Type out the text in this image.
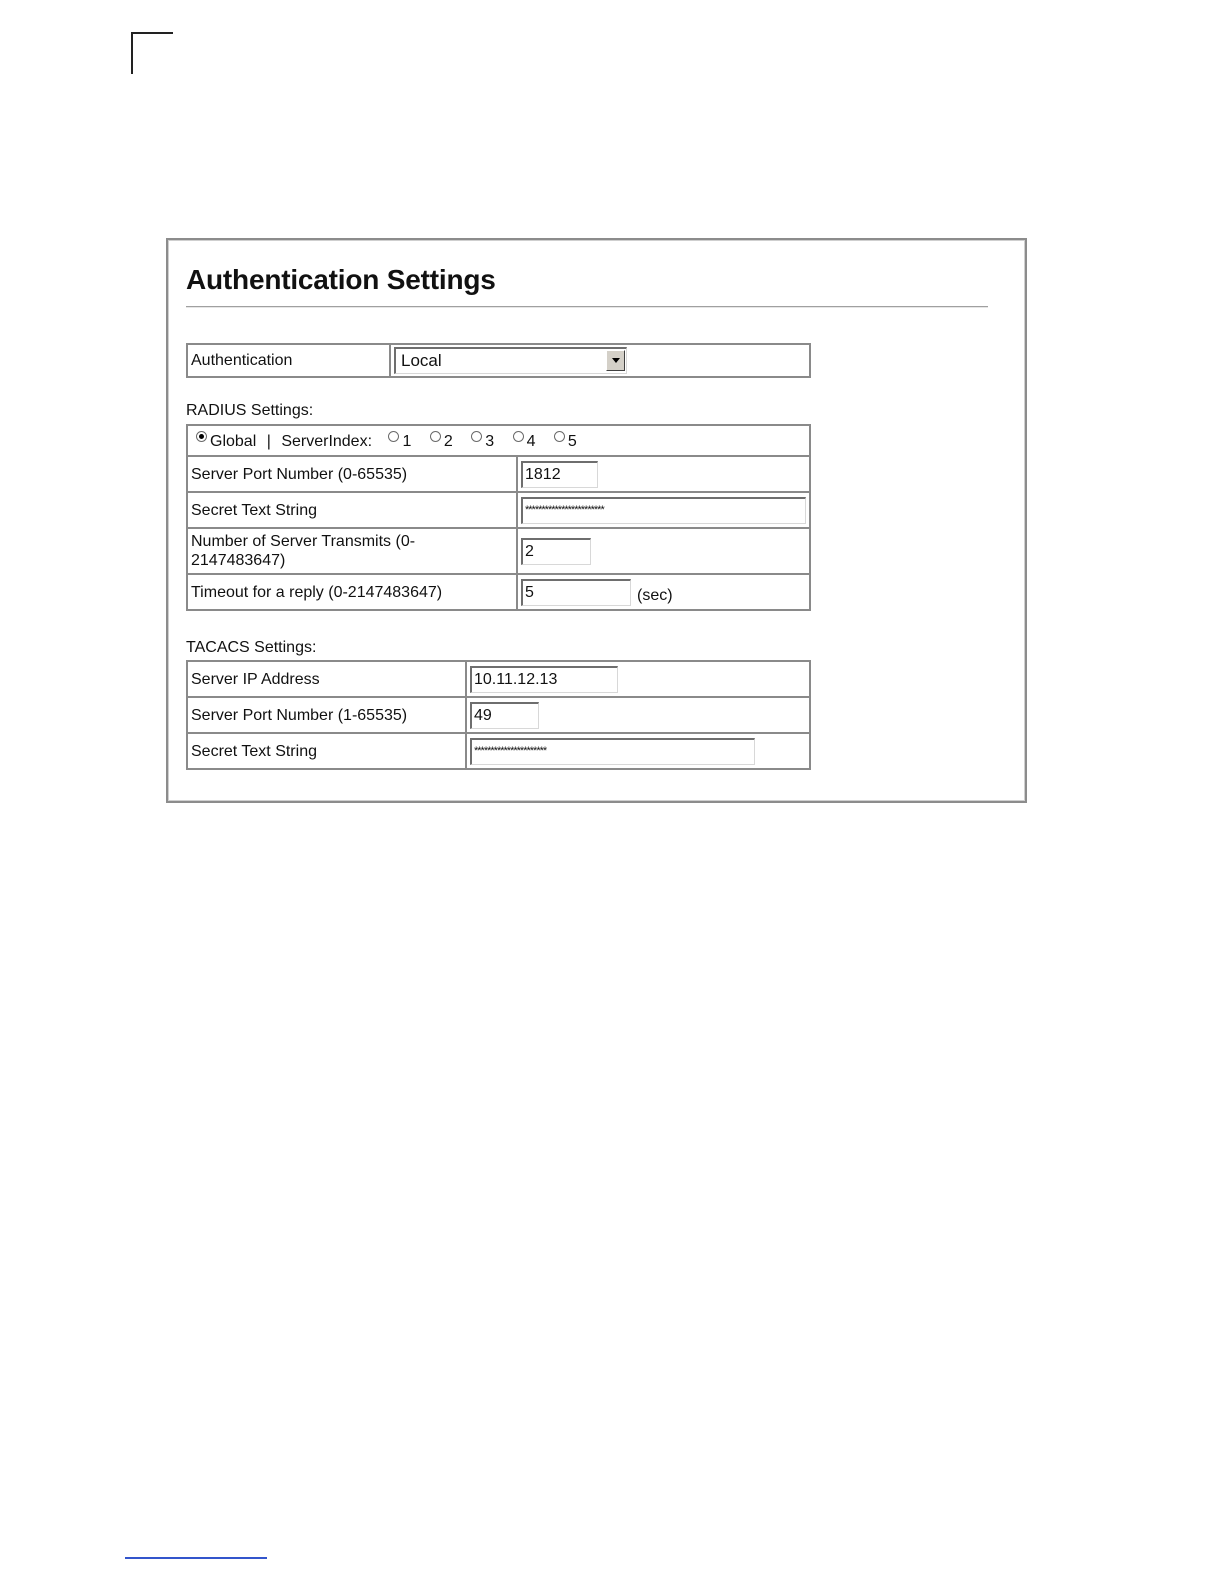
Authentication Settings
Authentication	Local

RADIUS Settings:

Global | ServerIndex: 1 2 3 4 5	
Server Port Number (0-65535)	1812
Secret Text String	************************
Number of Server Transmits (0-
2147483647)	2
Timeout for a reply (0-2147483647)	5 (sec)

TACACS Settings:

Server IP Address	10.11.12.13
Server Port Number (1-65535)	49
Secret Text String	**********************
